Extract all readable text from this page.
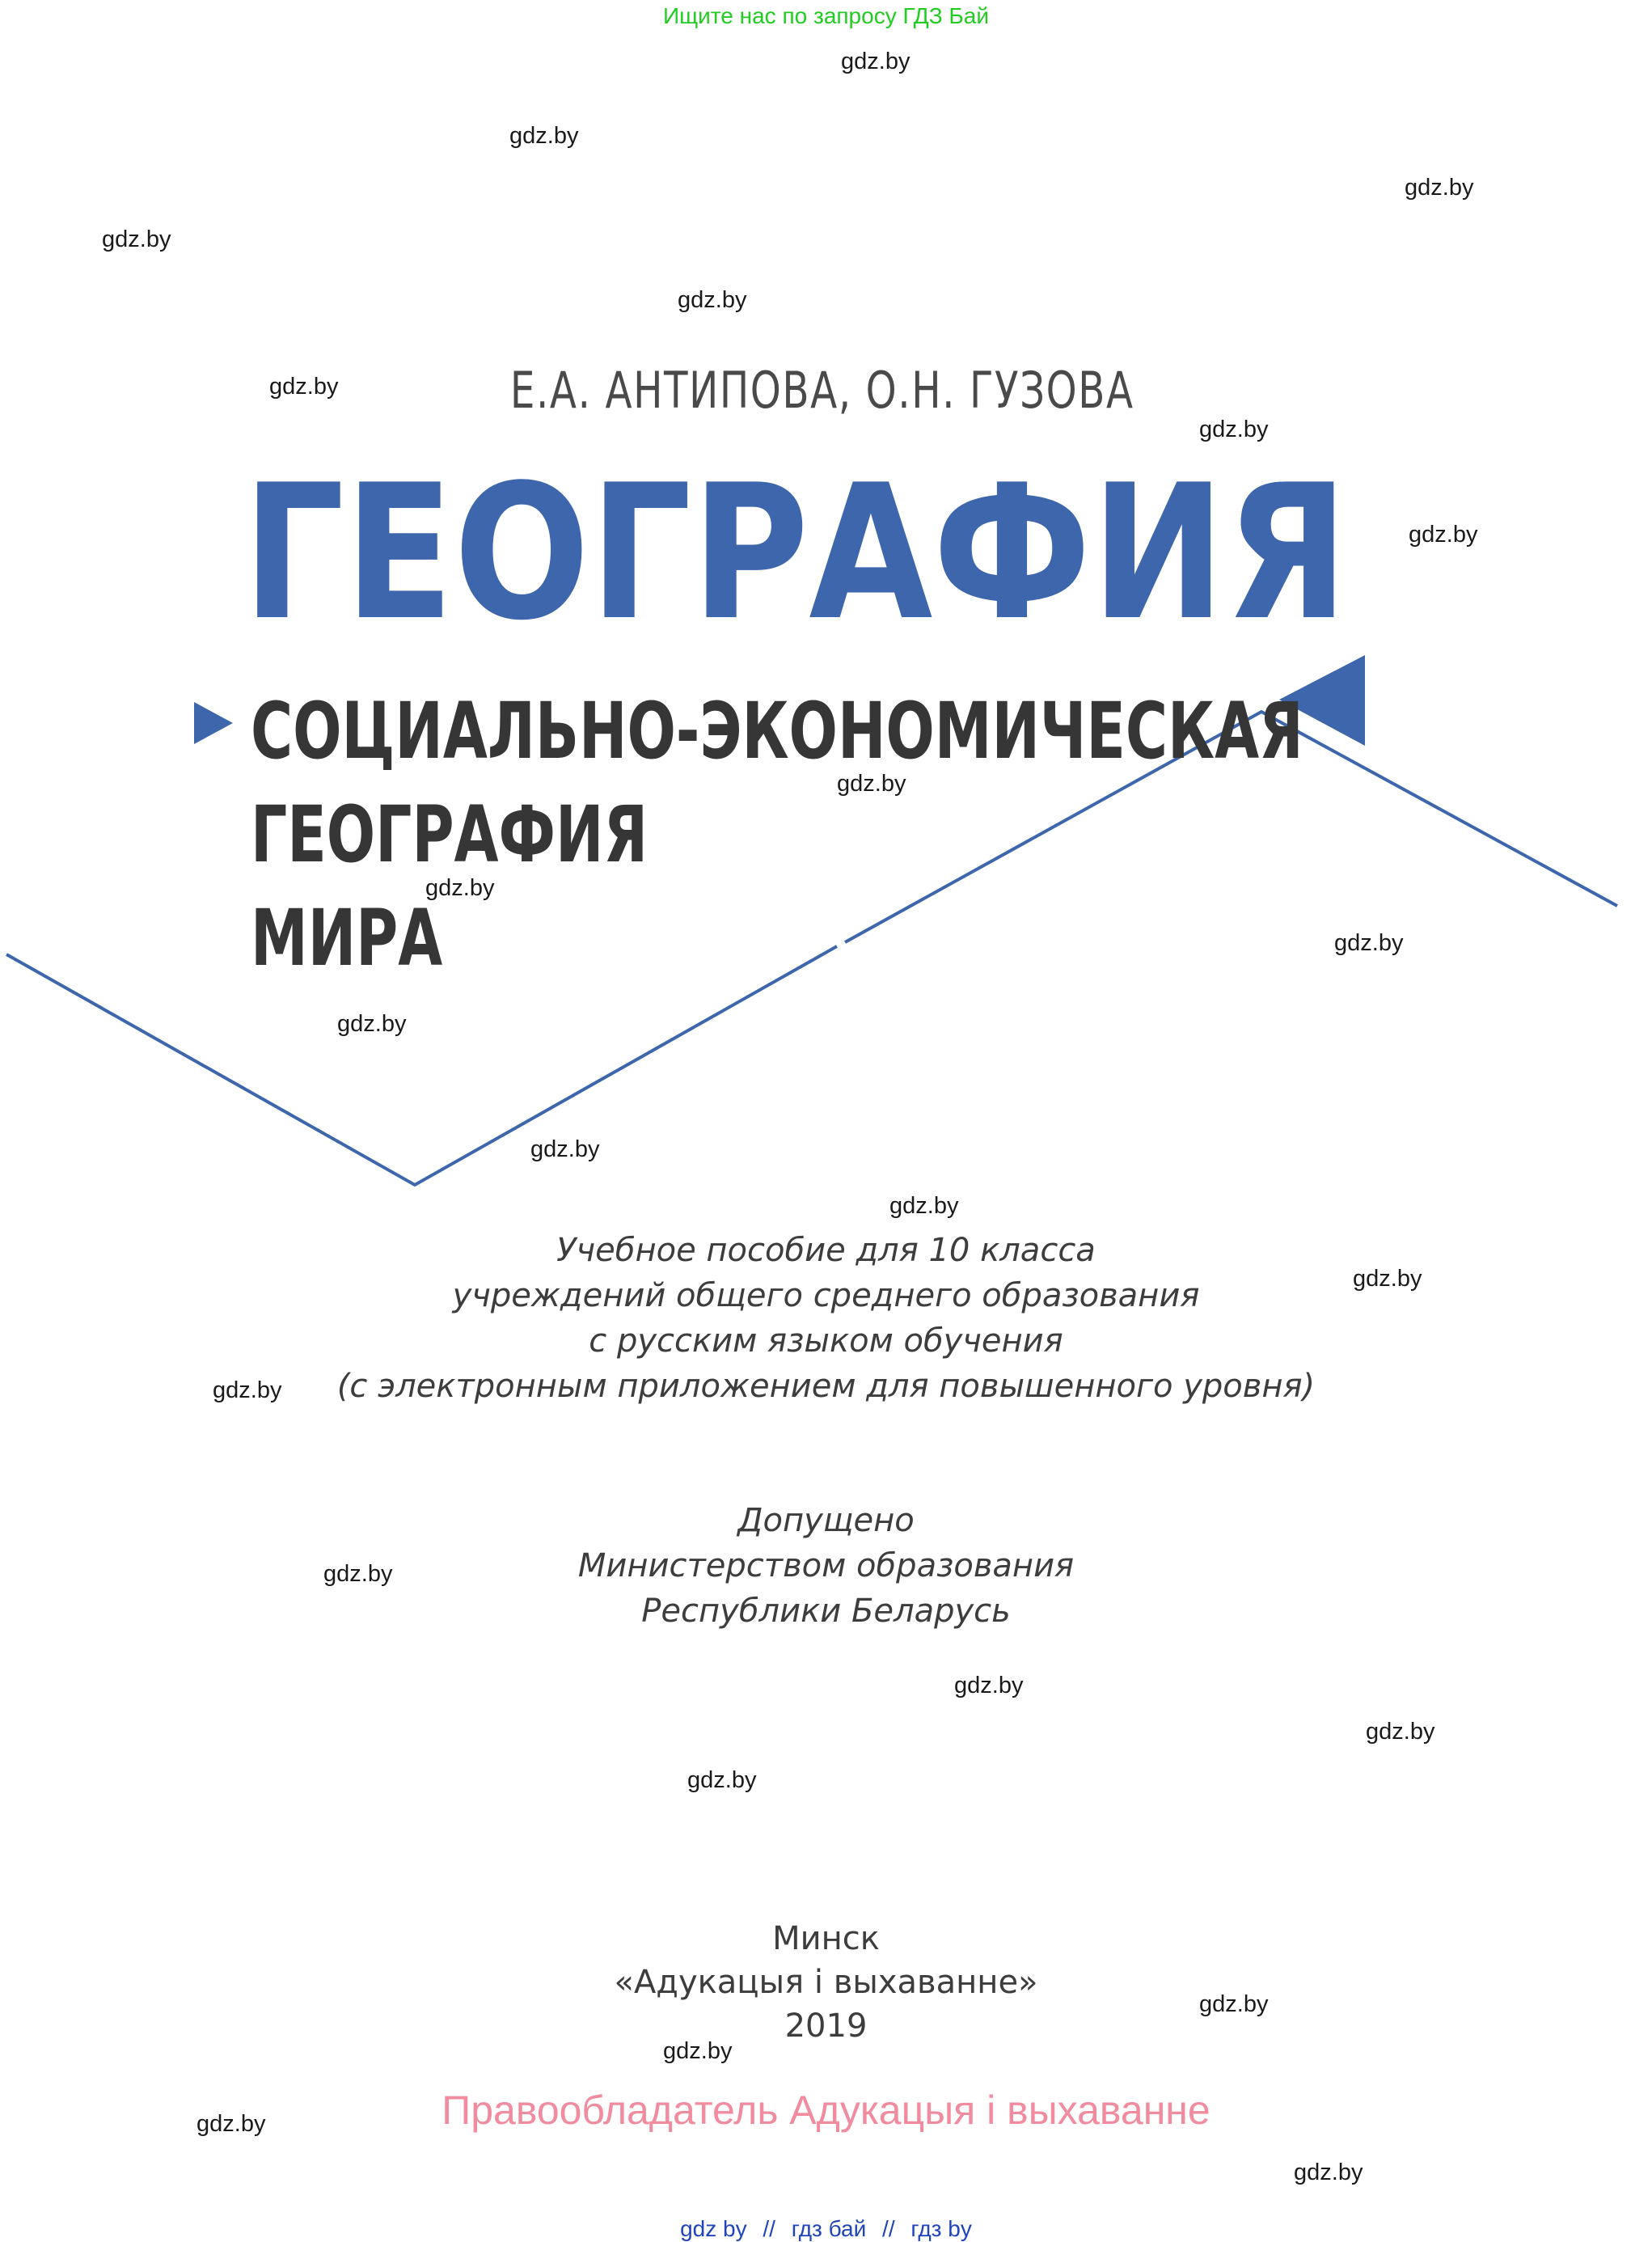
Ищите нас по запросу ГДЗ Бай
gdz.by
gdz.by
gdz.by
gdz.by
gdz.by
gdz.by
gdz.by
gdz.by
gdz.by
gdz.by
gdz.by
gdz.by
gdz.by
gdz.by
gdz.by
gdz.by
gdz.by
gdz.by
gdz.by
gdz.by
gdz.by
gdz.by
gdz.by
gdz.by
Е.А. АНТИПОВА, О.Н. ГУЗОВА
ГЕОГРАФИЯ
СОЦИАЛЬНО-ЭКОНОМИЧЕСКАЯ
ГЕОГРАФИЯ
МИРА
Учебное пособие для 10 класса
учреждений общего среднего образования
с русским языком обучения
(с электронным приложением для повышенного уровня)
Допущено
Министерством образования
Республики Беларусь
Минск
«Адукацыя і выхаванне»
2019
Правообладатель Адукацыя і выхаванне
gdz by // гдз бай // гдз by
